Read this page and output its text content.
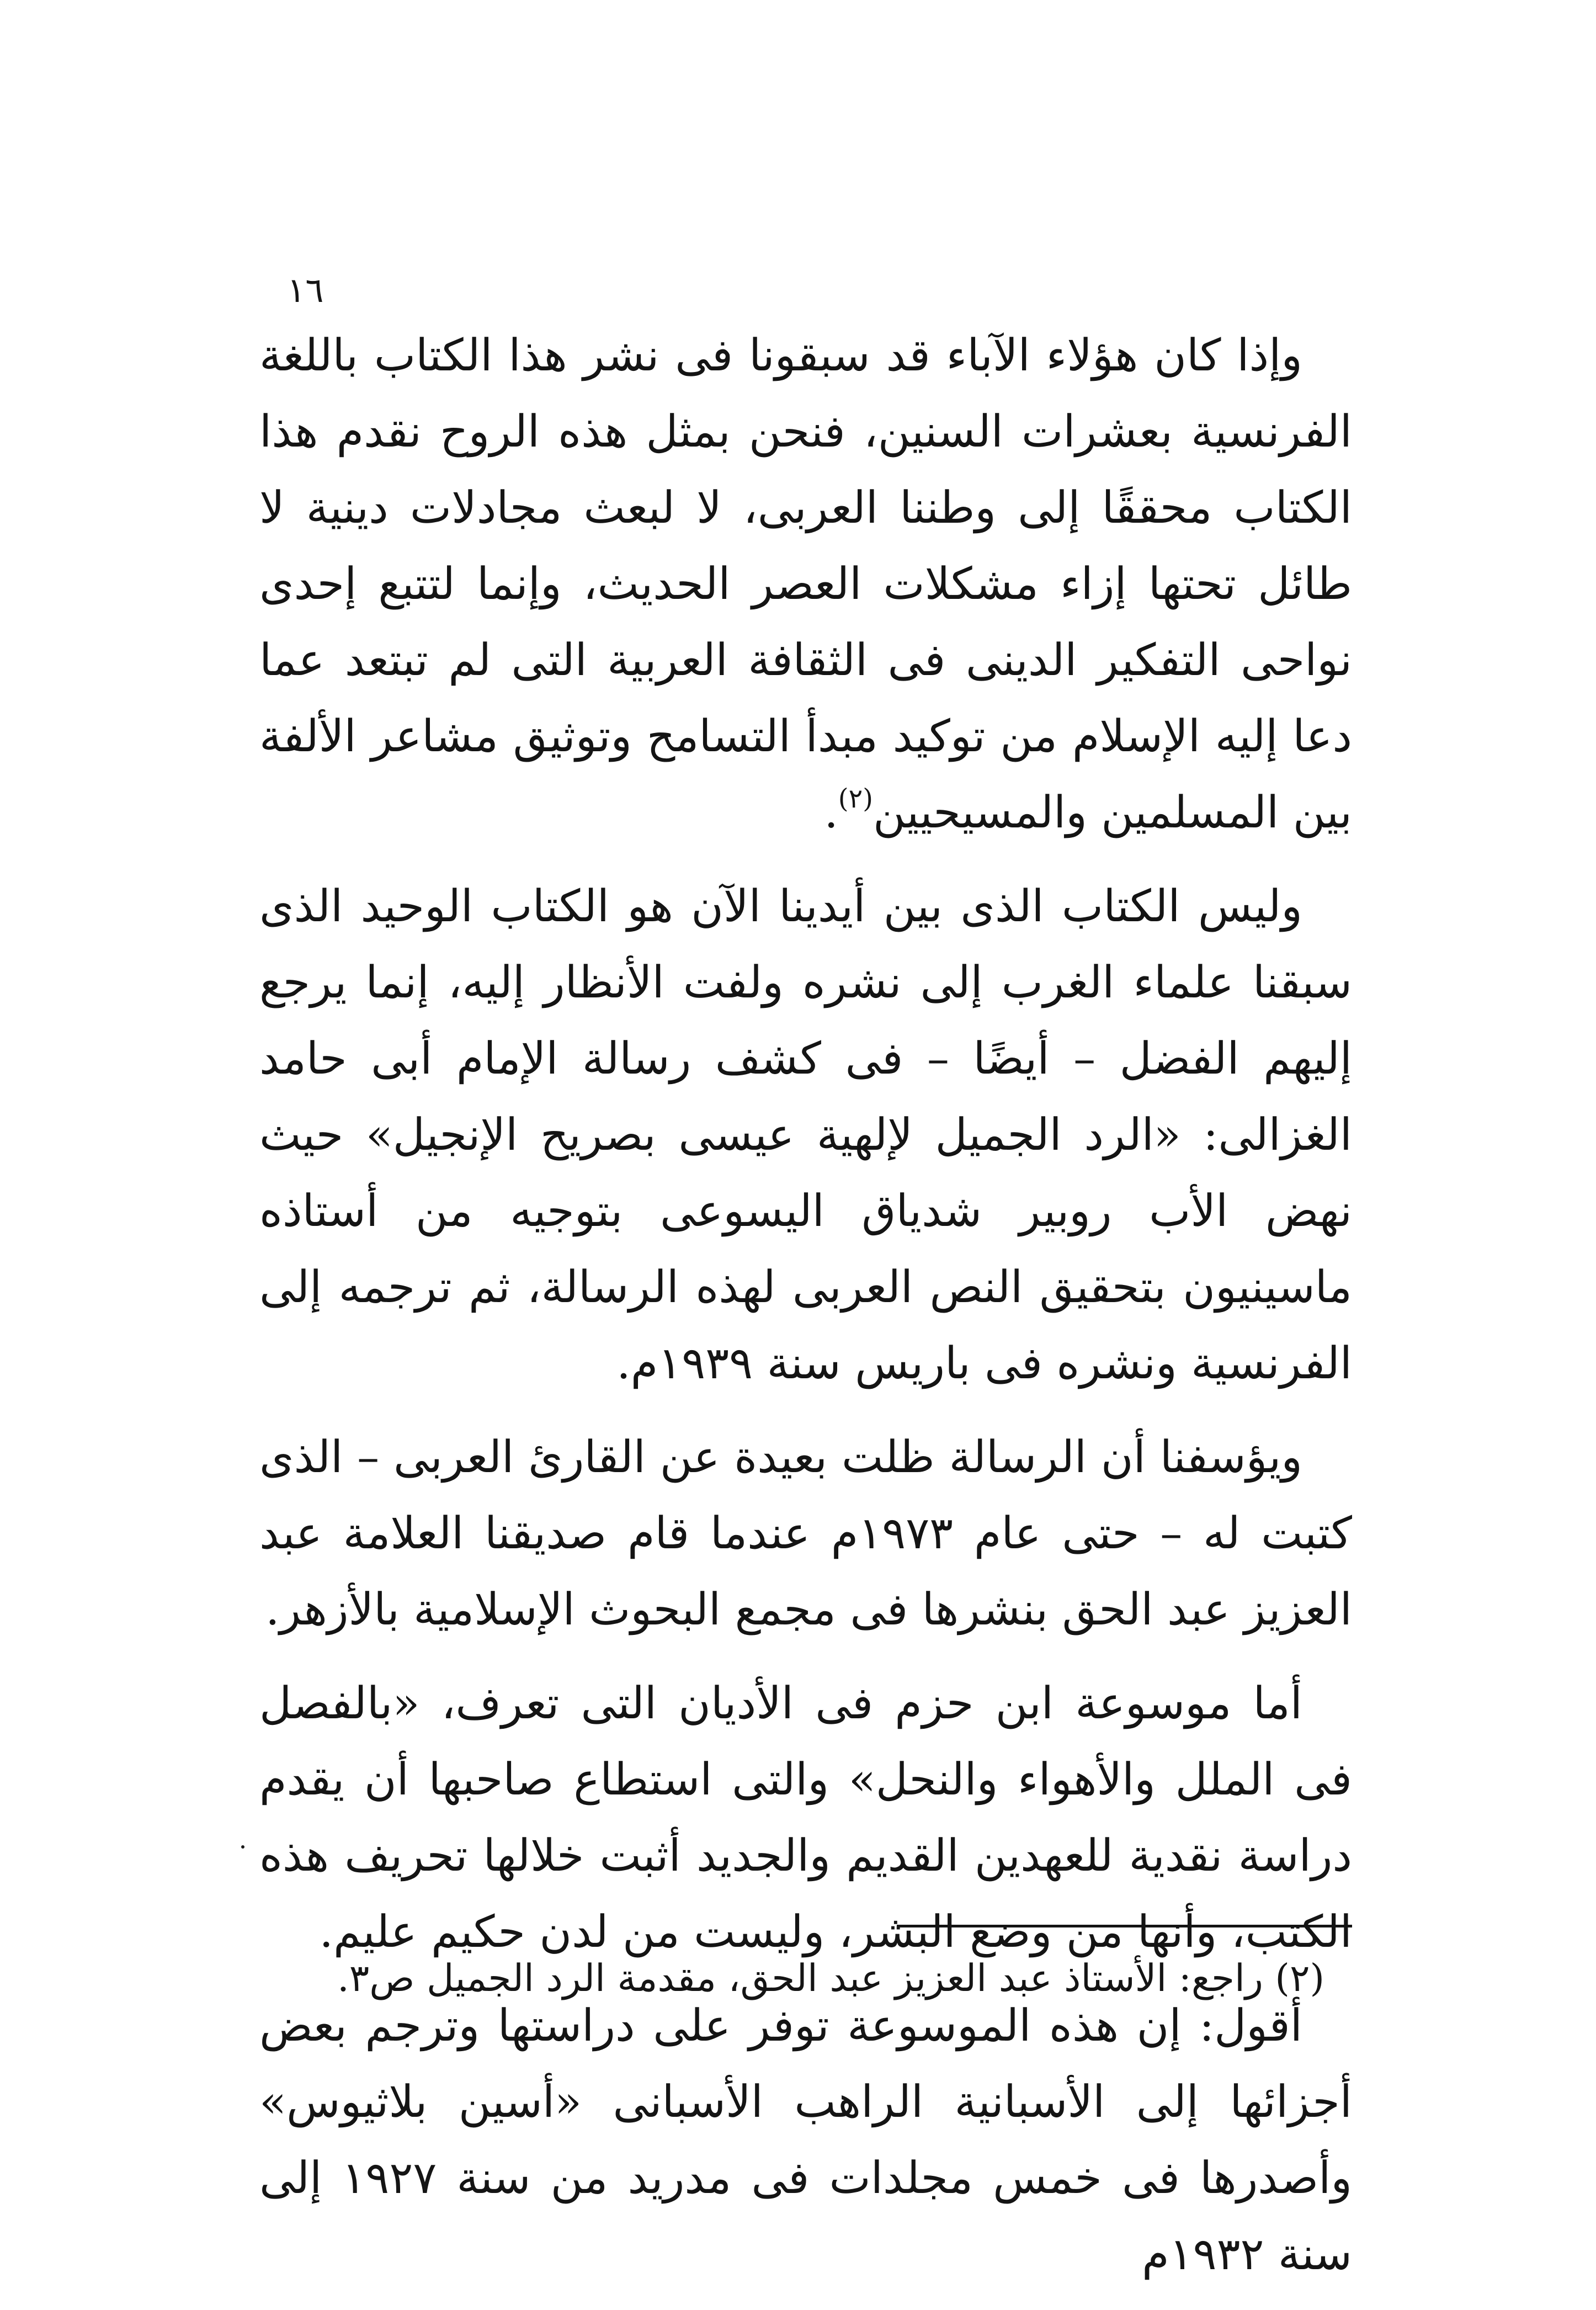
١٦

وإذا كان هؤلاء الآباء قد سبقونا فى نشر هذا الكتاب باللغة الفرنسية بعشرات السنين، فنحن بمثل هذه الروح نقدم هذا الكتاب محققًا إلى وطننا العربى، لا لبعث مجادلات دينية لا طائل تحتها إزاء مشكلات العصر الحديث، وإنما لتتبع إحدى نواحى التفكير الدينى فى الثقافة العربية التى لم تبتعد عما دعا إليه الإسلام من توكيد مبدأ التسامح وتوثيق مشاعر الألفة بين المسلمين والمسيحيين$^{(٢)}$.

وليس الكتاب الذى بين أيدينا الآن هو الكتاب الوحيد الذى سبقنا علماء الغرب إلى نشره ولفت الأنظار إليه، إنما يرجع إليهم الفضل – أيضًا – فى كشف رسالة الإمام أبى حامد الغزالى: «الرد الجميل لإلهية عيسى بصريح الإنجيل» حيث نهض الأب روبير شدياق اليسوعى بتوجيه من أستاذه ماسينيون بتحقيق النص العربى لهذه الرسالة، ثم ترجمه إلى الفرنسية ونشره فى باريس سنة ١٩٣٩م.

ويؤسفنا أن الرسالة ظلت بعيدة عن القارئ العربى – الذى كتبت له – حتى عام ١٩٧٣م عندما قام صديقنا العلامة عبد العزيز عبد الحق بنشرها فى مجمع البحوث الإسلامية بالأزهر.

أما موسوعة ابن حزم فى الأديان التى تعرف، «بالفصل فى الملل والأهواء والنحل» والتى استطاع صاحبها أن يقدم دراسة نقدية للعهدين القديم والجديد أثبت خلالها تحريف هذه الكتب، وأنها من وضع البشر، وليست من لدن حكيم عليم.

أقول: إن هذه الموسوعة توفر على دراستها وترجم بعض أجزائها إلى الأسبانية الراهب الأسبانى «أسين بلاثيوس» وأصدرها فى خمس مجلدات فى مدريد من سنة ١٩٢٧ إلى سنة ١٩٣٢م

(٢) راجع: الأستاذ عبد العزيز عبد الحق، مقدمة الرد الجميل ص٣.
